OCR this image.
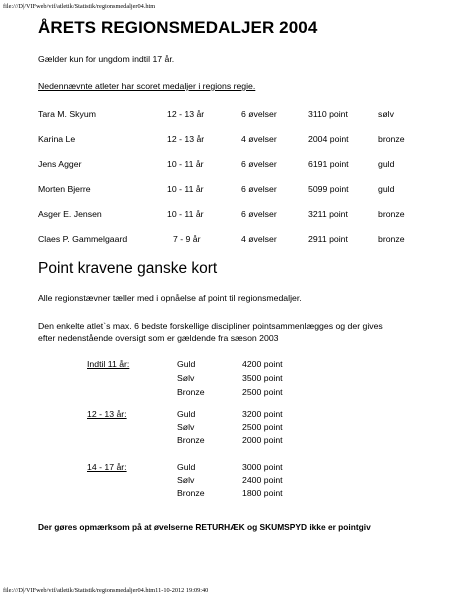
file:///D|/VIFweb/vif/atletik/Statistik/regionsmedaljer04.htm
ÅRETS REGIONSMEDALJER 2004
Gælder kun for ungdom indtil 17 år.
Nedennævnte atleter har scoret medaljer i regions regie.
Tara M. Skyum	12 - 13 år	6 øvelser	3110 point	sølv
Karina Le	12 - 13 år	4 øvelser	2004 point	bronze
Jens Agger	10 - 11 år	6 øvelser	6191 point	guld
Morten Bjerre	10 - 11 år	6 øvelser	5099 point	guld
Asger E. Jensen	10 - 11 år	6 øvelser	3211 point	bronze
Claes P. Gammelgaard	7 - 9 år	4 øvelser	2911 point	bronze
Point kravene ganske kort
Alle regionstævner tæller med i opnåelse af point til regionsmedaljer.
Den enkelte atlet`s max. 6 bedste forskellige discipliner pointsammenlægges og der gives
efter nedenstående oversigt som er gældende fra sæson 2003
Indtil 11 år:	Guld	4200 point
Sølv	3500 point
Bronze	2500 point
12 - 13 år:	Guld	3200 point
Sølv	2500 point
Bronze	2000 point
14 - 17 år:	Guld	3000 point
Sølv	2400 point
Bronze	1800 point
Der gøres opmærksom på at øvelserne RETURHÆK og SKUMSPYD ikke er pointgiv
file:///D|/VIFweb/vif/atletik/Statistik/regionsmedaljer04.htm11-10-2012 19:09:40
